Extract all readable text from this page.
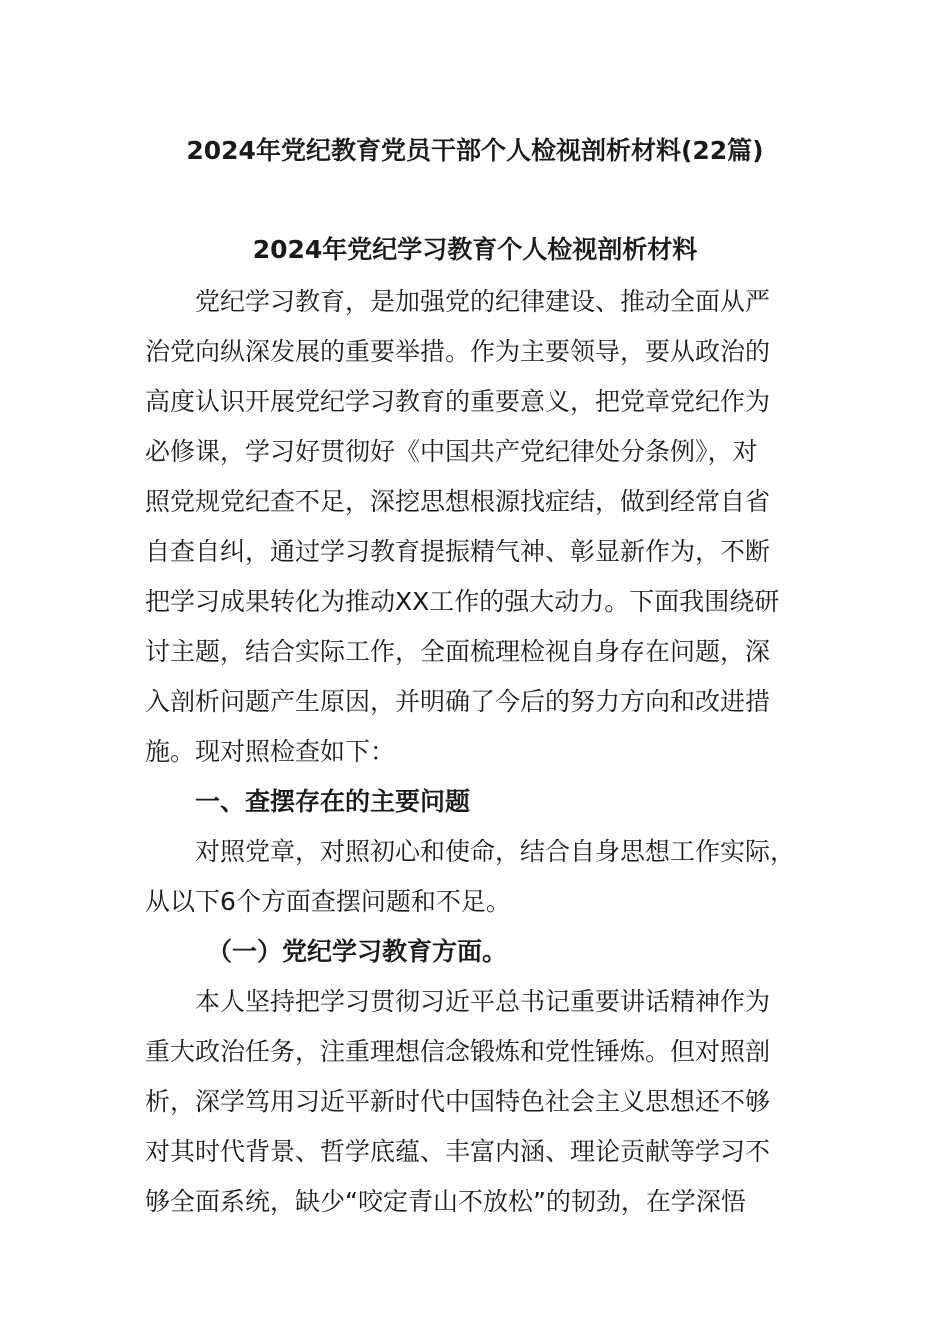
2024年党纪教育党员干部个人检视剖析材料(22篇)
2024年党纪学习教育个人检视剖析材料
党纪学习教育，是加强党的纪律建设、推动全面从严
治党向纵深发展的重要举措。作为主要领导，要从政治的
高度认识开展党纪学习教育的重要意义，把党章党纪作为
必修课，学习好贯彻好《中国共产党纪律处分条例》，对
照党规党纪查不足，深挖思想根源找症结，做到经常自省
自查自纠，通过学习教育提振精气神、彰显新作为，不断
把学习成果转化为推动XX工作的强大动力。下面我围绕研
讨主题，结合实际工作，全面梳理检视自身存在问题，深
入剖析问题产生原因，并明确了今后的努力方向和改进措
施。现对照检查如下：
一、查摆存在的主要问题
对照党章，对照初心和使命，结合自身思想工作实际，
从以下6个方面查摆问题和不足。
（一）党纪学习教育方面。
本人坚持把学习贯彻习近平总书记重要讲话精神作为
重大政治任务，注重理想信念锻炼和党性锤炼。但对照剖
析，深学笃用习近平新时代中国特色社会主义思想还不够
对其时代背景、哲学底蕴、丰富内涵、理论贡献等学习不
够全面系统，缺少“咬定青山不放松”的韧劲，在学深悟
